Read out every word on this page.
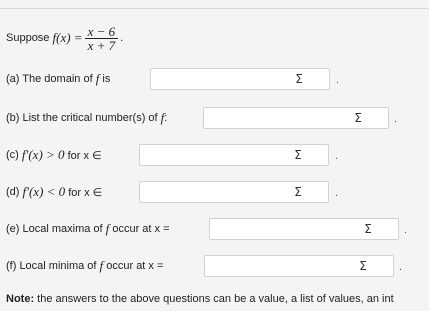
Suppose
$f(x) = \frac{x - 6}{x + 7}$ .
(a) The domain of
f
is	Σ	.
(b) List the critical number(s) of
f :	Σ	.
(c)
f′(x) > 0
for x ∈	Σ	.
(d)
f′(x) < 0
for x ∈	Σ	.
(e) Local maxima of
f
occur at x =	Σ	.
(f) Local minima of
f
occur at x =	Σ	.
Note: the answers to the above questions can be a value, a list of values, an int
